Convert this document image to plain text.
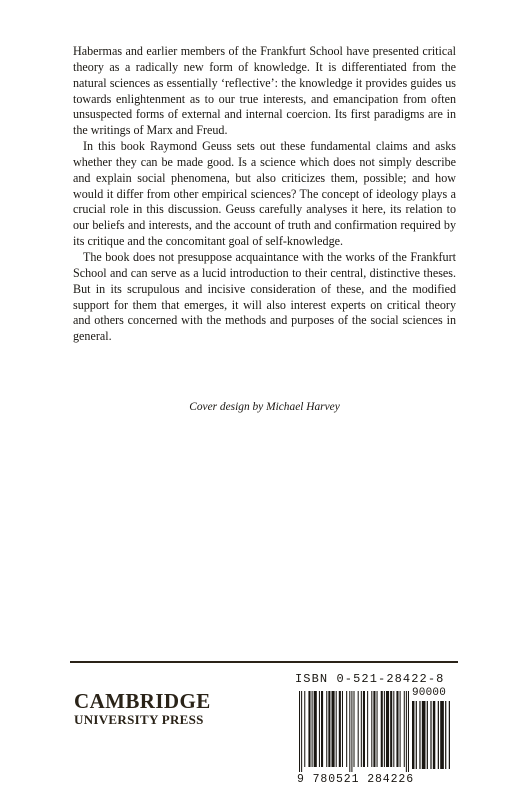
Habermas and earlier members of the Frankfurt School have presented critical theory as a radically new form of knowledge. It is differentiated from the natural sciences as essentially ‘reflective’: the knowledge it provides guides us towards enlightenment as to our true interests, and emancipation from often unsuspected forms of external and internal coercion. Its first paradigms are in the writings of Marx and Freud.

In this book Raymond Geuss sets out these fundamental claims and asks whether they can be made good. Is a science which does not simply describe and explain social phenomena, but also criticizes them, possible; and how would it differ from other empirical sciences? The concept of ideology plays a crucial role in this discussion. Geuss carefully analyses it here, its relation to our beliefs and interests, and the account of truth and confirmation required by its critique and the concomitant goal of self-knowledge.

The book does not presuppose acquaintance with the works of the Frankfurt School and can serve as a lucid introduction to their central, distinctive theses. But in its scrupulous and incisive consideration of these, and the modified support for them that emerges, it will also interest experts on critical theory and others concerned with the methods and purposes of the social sciences in general.

Cover design by Michael Harvey
CAMBRIDGE
UNIVERSITY PRESS
ISBN 0-521-28422-8
90000
9 780521 284226
